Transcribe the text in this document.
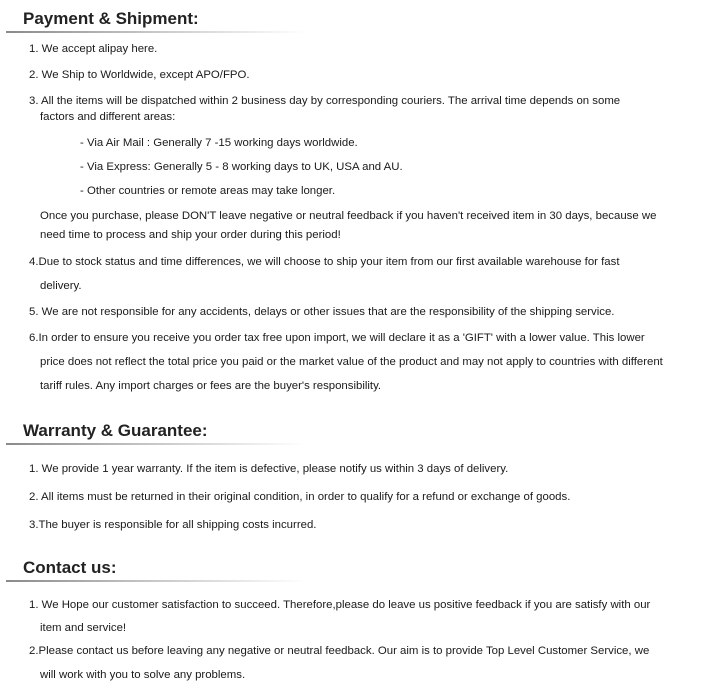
Payment & Shipment:
1. We accept alipay here.
2. We Ship to Worldwide, except APO/FPO.
3. All the items will be dispatched within 2 business day by corresponding couriers. The arrival time depends on some
factors and different areas:
- Via Air Mail : Generally 7 -15 working days worldwide.
- Via Express: Generally 5 - 8 working days to UK, USA and AU.
- Other countries or remote areas may take longer.
Once you purchase, please DON'T leave negative or neutral feedback if you haven't received item in 30 days, because we
need time to process and ship your order during this period!
4.Due to stock status and time differences, we will choose to ship your item from our first available warehouse for fast
delivery.
5. We are not responsible for any accidents, delays or other issues that are the responsibility of the shipping service.
6.In order to ensure you receive you order tax free upon import, we will declare it as a 'GIFT' with a lower value. This lower
price does not reflect the total price you paid or the market value of the product and may not apply to countries with different
tariff rules. Any import charges or fees are the buyer's responsibility.
Warranty & Guarantee:
1. We provide 1 year warranty. If the item is defective, please notify us within 3 days of delivery.
2. All items must be returned in their original condition, in order to qualify for a refund or exchange of goods.
3.The buyer is responsible for all shipping costs incurred.
Contact us:
1. We Hope our customer satisfaction to succeed. Therefore,please do leave us positive feedback if you are satisfy with our
item and service!
2.Please contact us before leaving any negative or neutral feedback. Our aim is to provide Top Level Customer Service, we
will work with you to solve any problems.
